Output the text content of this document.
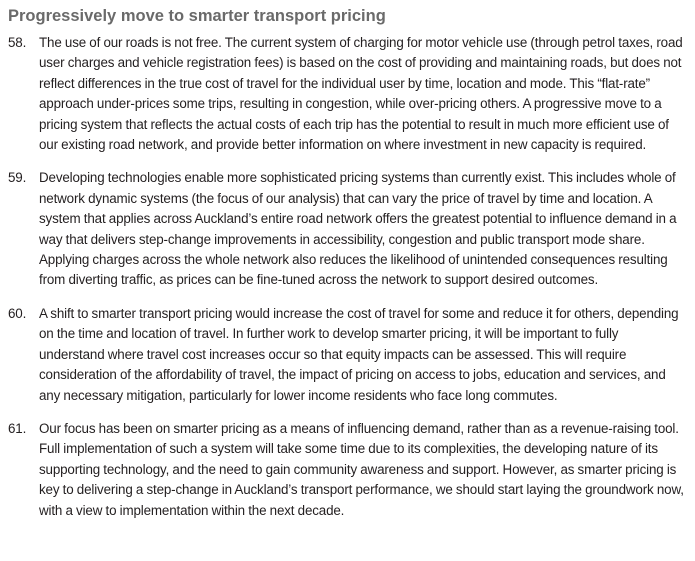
Progressively move to smarter transport pricing
58. The use of our roads is not free. The current system of charging for motor vehicle use (through petrol taxes, road user charges and vehicle registration fees) is based on the cost of providing and maintaining roads, but does not reflect differences in the true cost of travel for the individual user by time, location and mode. This “flat-rate” approach under-prices some trips, resulting in congestion, while over-pricing others. A progressive move to a pricing system that reflects the actual costs of each trip has the potential to result in much more efficient use of our existing road network, and provide better information on where investment in new capacity is required.
59. Developing technologies enable more sophisticated pricing systems than currently exist. This includes whole of network dynamic systems (the focus of our analysis) that can vary the price of travel by time and location. A system that applies across Auckland’s entire road network offers the greatest potential to influence demand in a way that delivers step-change improvements in accessibility, congestion and public transport mode share. Applying charges across the whole network also reduces the likelihood of unintended consequences resulting from diverting traffic, as prices can be fine-tuned across the network to support desired outcomes.
60. A shift to smarter transport pricing would increase the cost of travel for some and reduce it for others, depending on the time and location of travel. In further work to develop smarter pricing, it will be important to fully understand where travel cost increases occur so that equity impacts can be assessed. This will require consideration of the affordability of travel, the impact of pricing on access to jobs, education and services, and any necessary mitigation, particularly for lower income residents who face long commutes.
61. Our focus has been on smarter pricing as a means of influencing demand, rather than as a revenue-raising tool. Full implementation of such a system will take some time due to its complexities, the developing nature of its supporting technology, and the need to gain community awareness and support. However, as smarter pricing is key to delivering a step-change in Auckland’s transport performance, we should start laying the groundwork now, with a view to implementation within the next decade.
